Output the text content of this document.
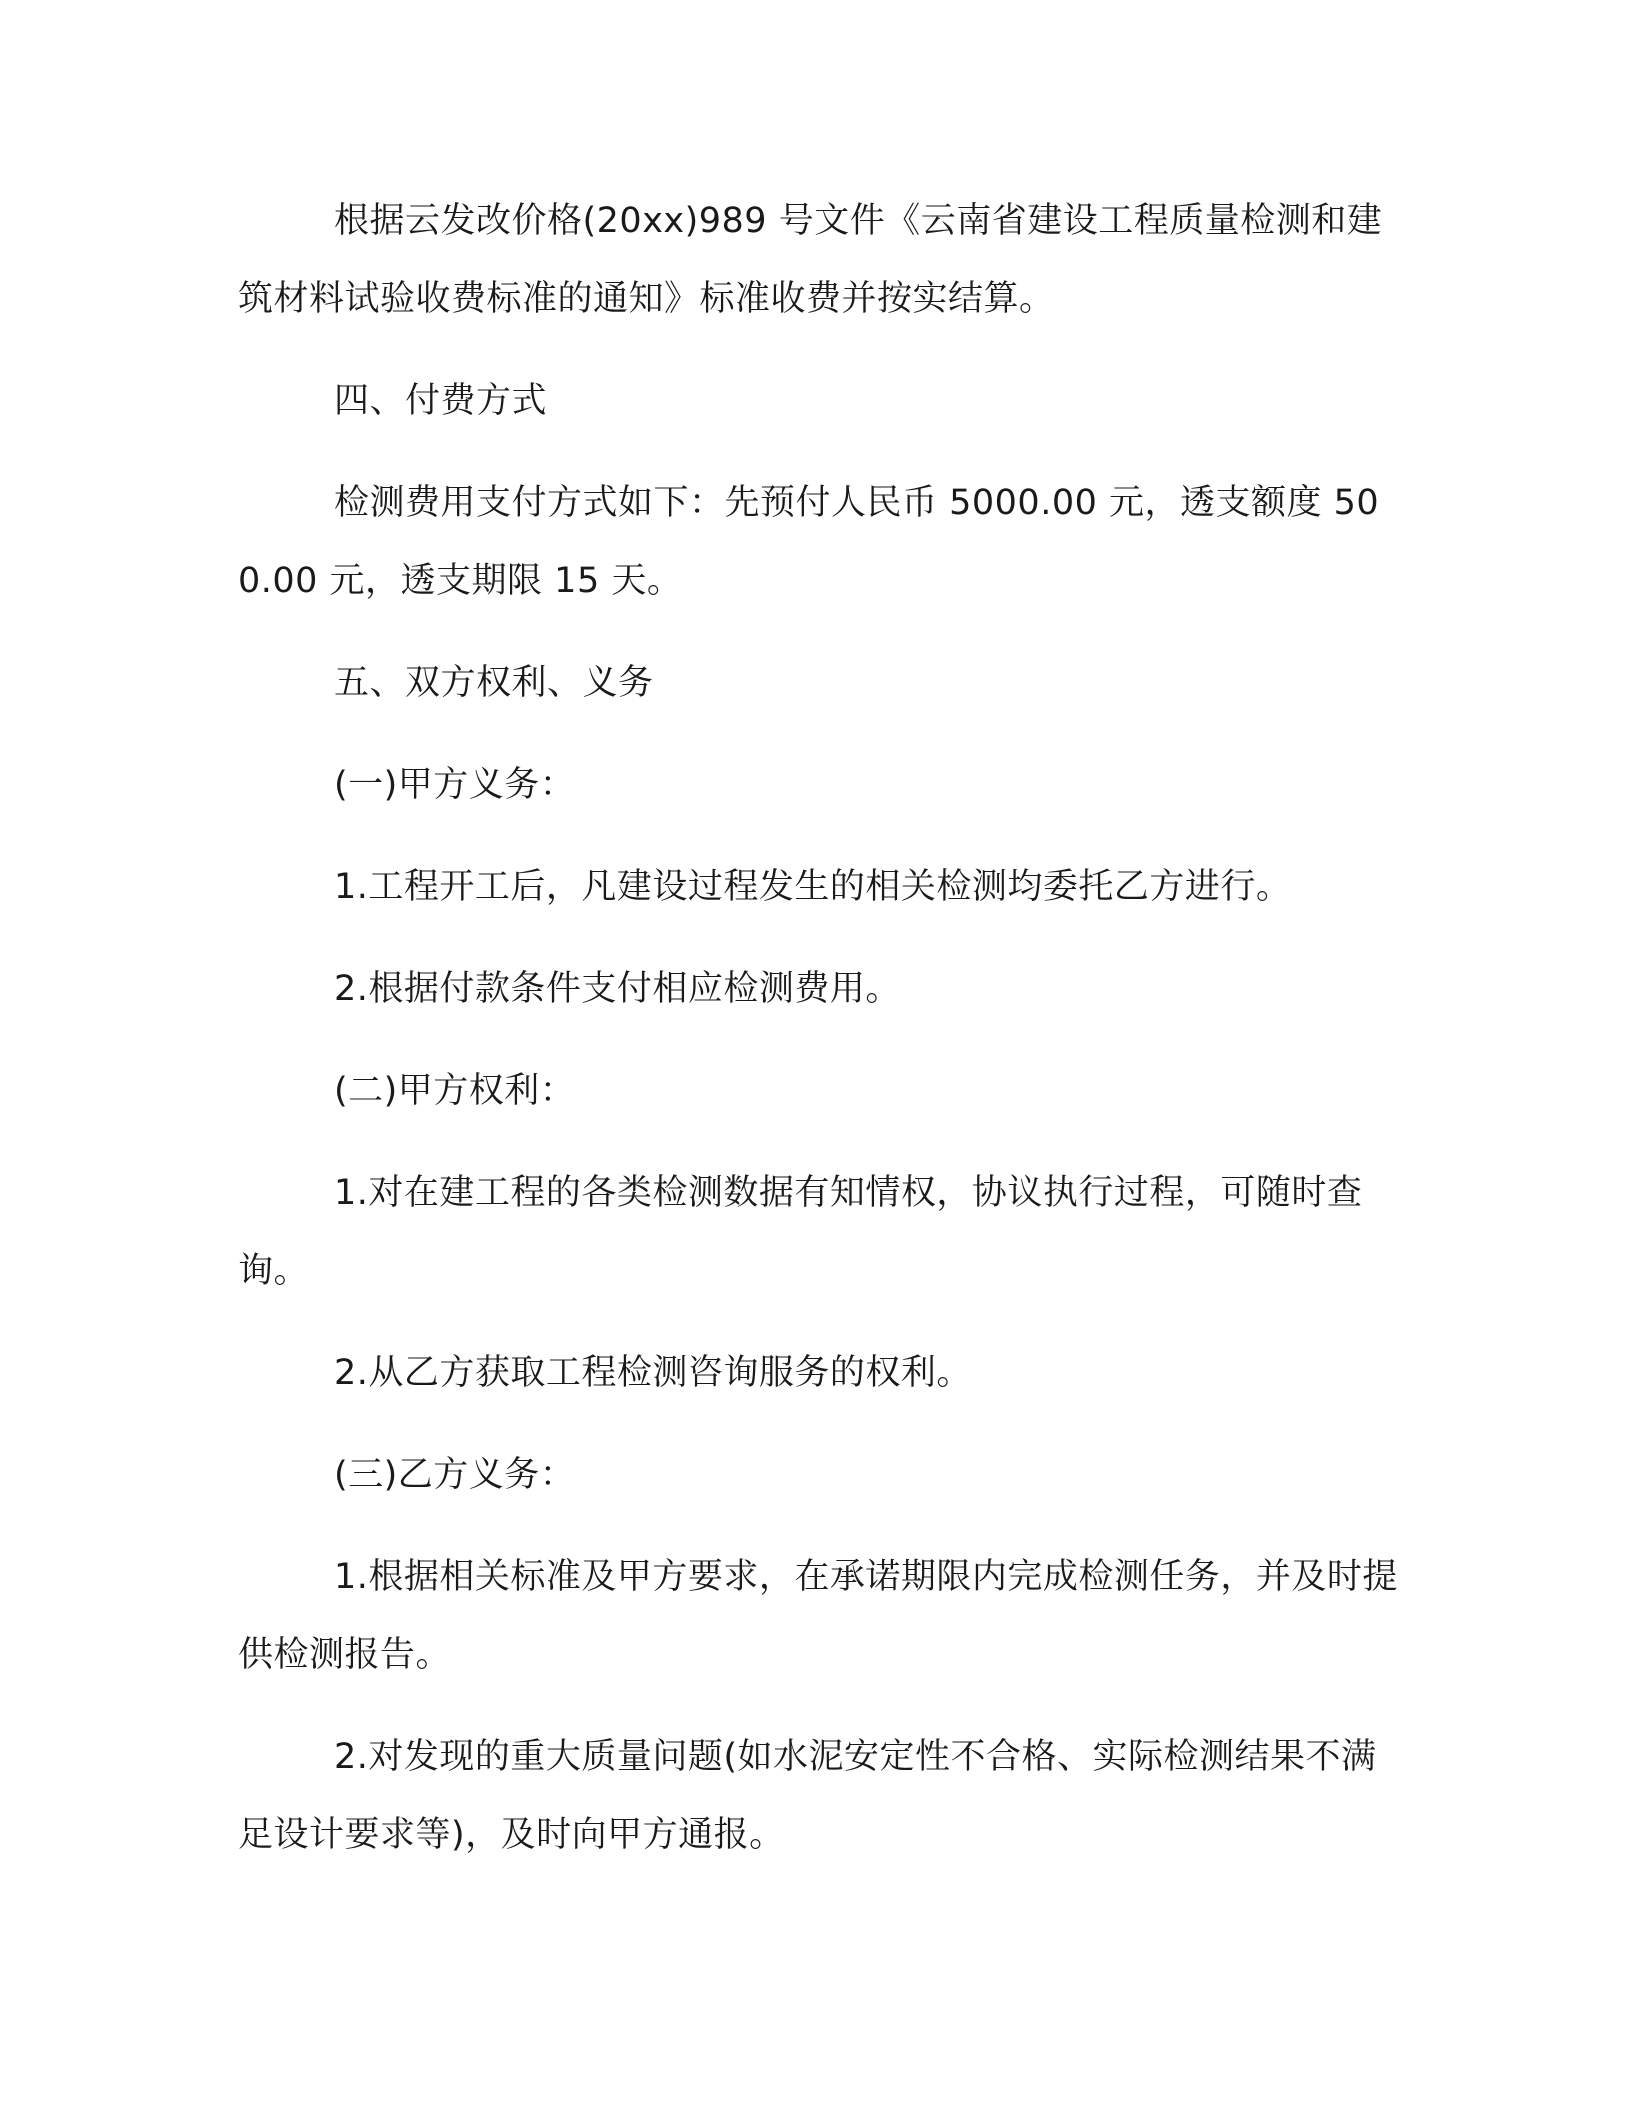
根据云发改价格(20xx)989 号文件《云南省建设工程质量检测和建筑材料试验收费标准的通知》标准收费并按实结算。

四、付费方式

检测费用支付方式如下：先预付人民币 5000.00 元，透支额度 500.00 元，透支期限 15 天。

五、双方权利、义务

(一)甲方义务：

1.工程开工后，凡建设过程发生的相关检测均委托乙方进行。

2.根据付款条件支付相应检测费用。

(二)甲方权利：

1.对在建工程的各类检测数据有知情权，协议执行过程，可随时查询。

2.从乙方获取工程检测咨询服务的权利。

(三)乙方义务：

1.根据相关标准及甲方要求，在承诺期限内完成检测任务，并及时提供检测报告。

2.对发现的重大质量问题(如水泥安定性不合格、实际检测结果不满足设计要求等)，及时向甲方通报。
